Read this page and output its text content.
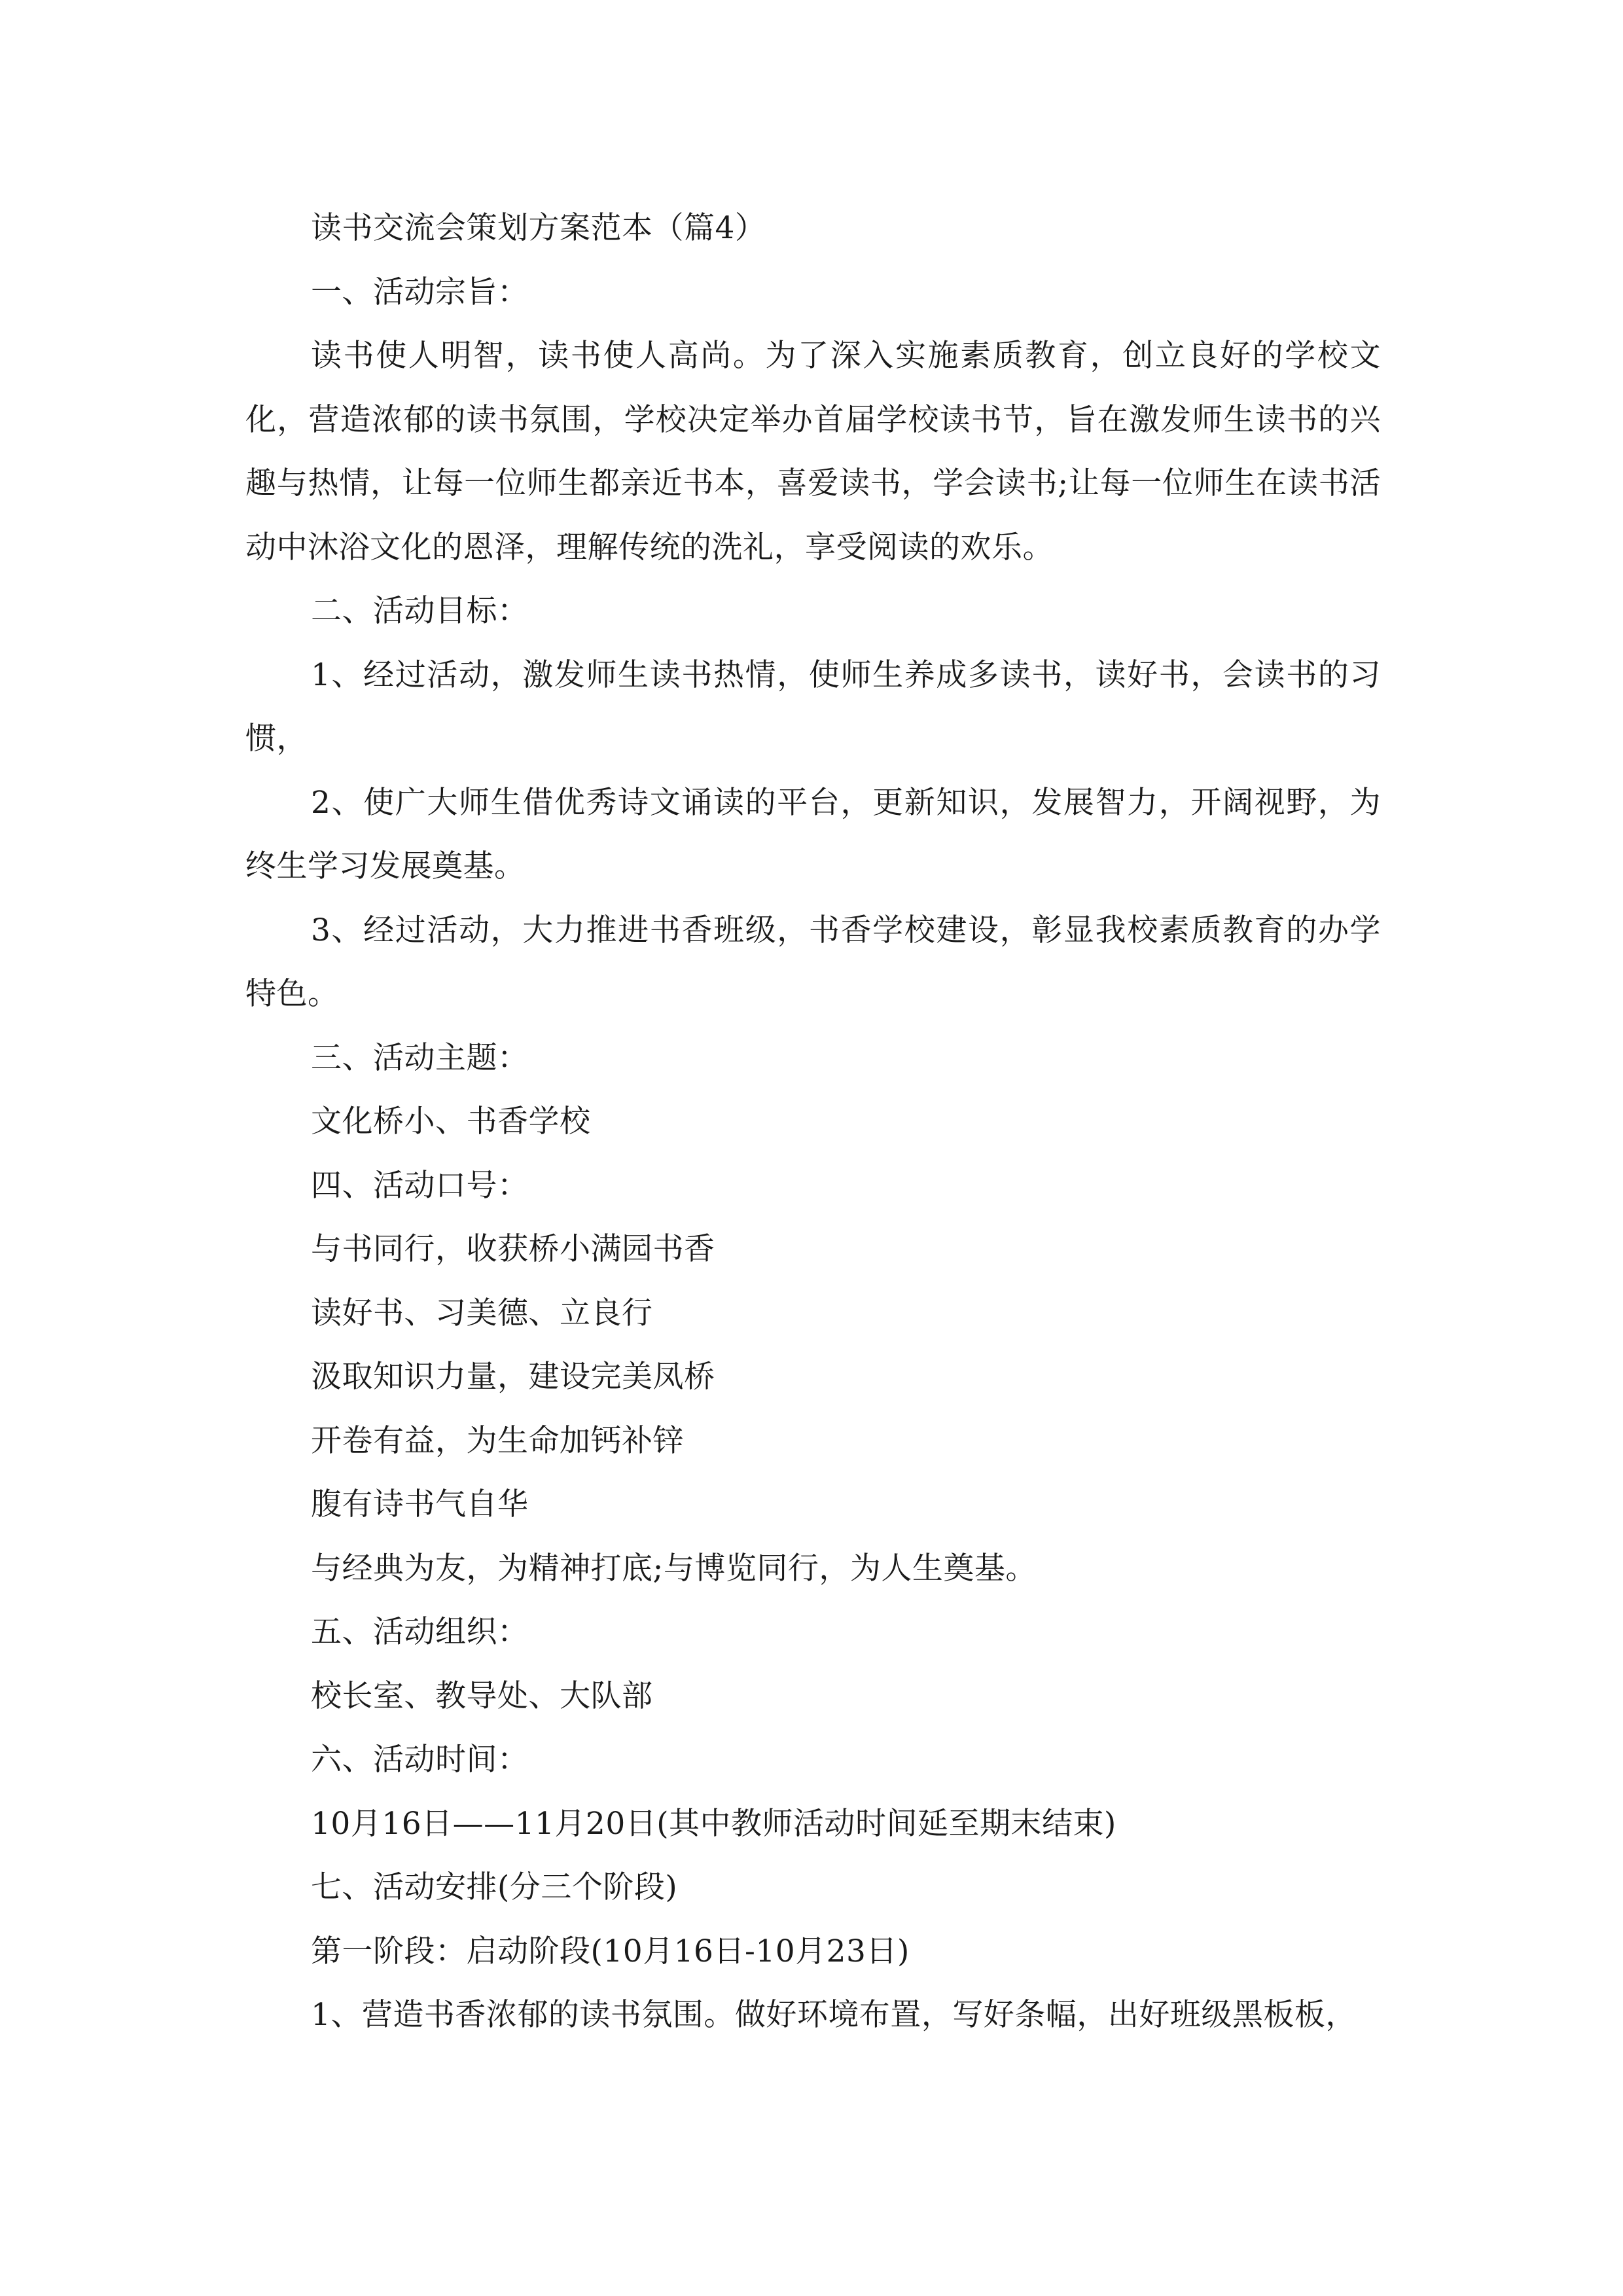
读书交流会策划方案范本（篇4）

一、活动宗旨：

读书使人明智，读书使人高尚。为了深入实施素质教育，创立良好的学校文化，营造浓郁的读书氛围，学校决定举办首届学校读书节，旨在激发师生读书的兴趣与热情，让每一位师生都亲近书本，喜爱读书，学会读书;让每一位师生在读书活动中沐浴文化的恩泽，理解传统的洗礼，享受阅读的欢乐。

二、活动目标：

1、经过活动，激发师生读书热情，使师生养成多读书，读好书，会读书的习惯，

2、使广大师生借优秀诗文诵读的平台，更新知识，发展智力，开阔视野，为终生学习发展奠基。

3、经过活动，大力推进书香班级，书香学校建设，彰显我校素质教育的办学特色。

三、活动主题：

文化桥小、书香学校

四、活动口号：

与书同行，收获桥小满园书香

读好书、习美德、立良行

汲取知识力量，建设完美凤桥

开卷有益，为生命加钙补锌

腹有诗书气自华

与经典为友，为精神打底;与博览同行，为人生奠基。

五、活动组织：

校长室、教导处、大队部

六、活动时间：

10月16日——11月20日(其中教师活动时间延至期末结束)

七、活动安排(分三个阶段)

第一阶段：启动阶段(10月16日-10月23日)

1、营造书香浓郁的读书氛围。做好环境布置，写好条幅，出好班级黑板板，
